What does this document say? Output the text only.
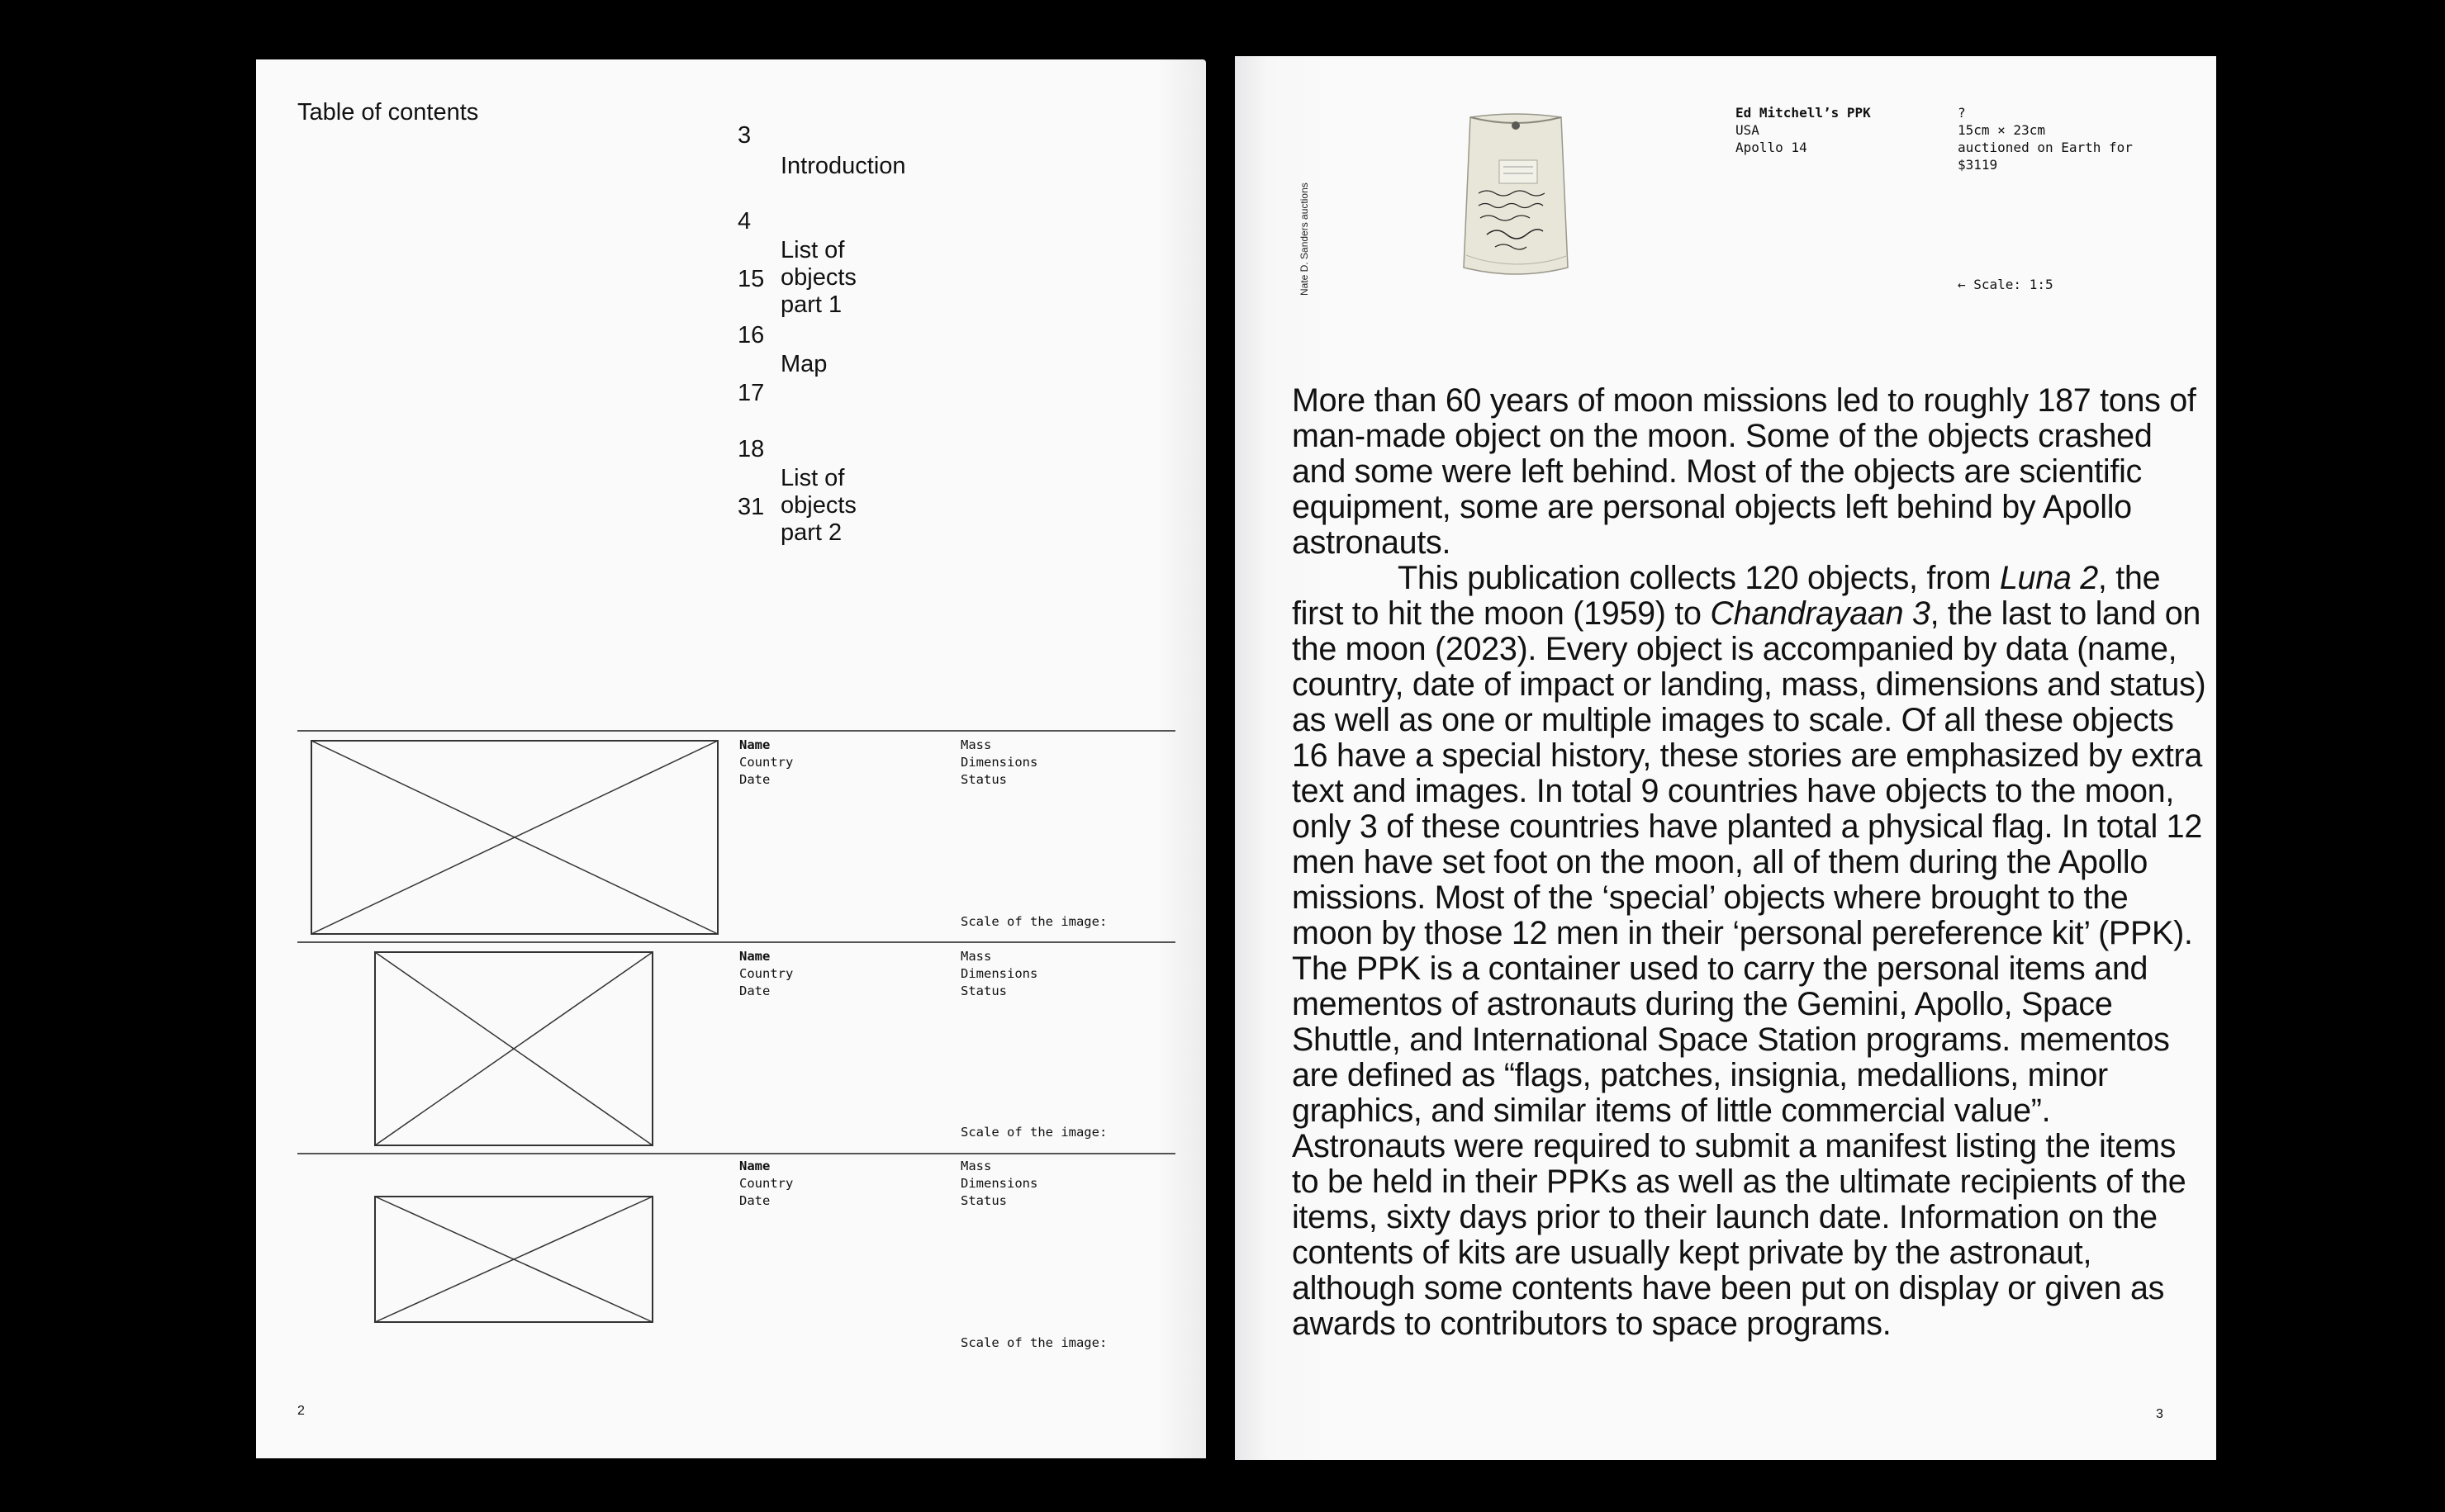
Table of contents
3
Introduction
4
List of objects part 1
15
16
Map
17
18
List of objects part 2
31
Name
Country
Date
Mass
Dimensions
Status
Scale of the image:
Name
Country
Date
Mass
Dimensions
Status
Scale of the image:
Name
Country
Date
Mass
Dimensions
Status
Scale of the image:
2
Nate D. Sanders auctions
Ed Mitchell’s PPK
USA
Apollo 14
?
15cm × 23cm
auctioned on Earth for
$3119
← Scale: 1:5

More than 60 years of moon missions led to roughly 187 tons of man-made object on the moon. Some of the objects crashed and some were left behind. Most of the objects are scientific equipment, some are personal objects left behind by Apollo astronauts.

This publication collects 120 objects, from Luna 2, the first to hit the moon (1959) to Chandrayaan 3, the last to land on the moon (2023). Every object is accompanied by data (name, country, date of impact or landing, mass, dimensions and status) as well as one or multiple images to scale. Of all these objects 16 have a special history, these stories are emphasized by extra text and images. In total 9 countries have objects to the moon, only 3 of these countries have planted a physical flag. In total 12 men have set foot on the moon, all of them during the Apollo missions. Most of the ‘special’ objects where brought to the moon by those 12 men in their ‘personal pereference kit’ (PPK). The PPK is a container used to carry the personal items and mementos of astronauts during the Gemini, Apollo, Space Shuttle, and International Space Station programs. mementos are defined as “flags, patches, insignia, medallions, minor graphics, and similar items of little commercial value”. Astronauts were required to submit a manifest listing the items to be held in their PPKs as well as the ultimate recipients of the items, sixty days prior to their launch date. Information on the contents of kits are usually kept private by the astronaut, although some contents have been put on display or given as awards to contributors to space programs.

3
